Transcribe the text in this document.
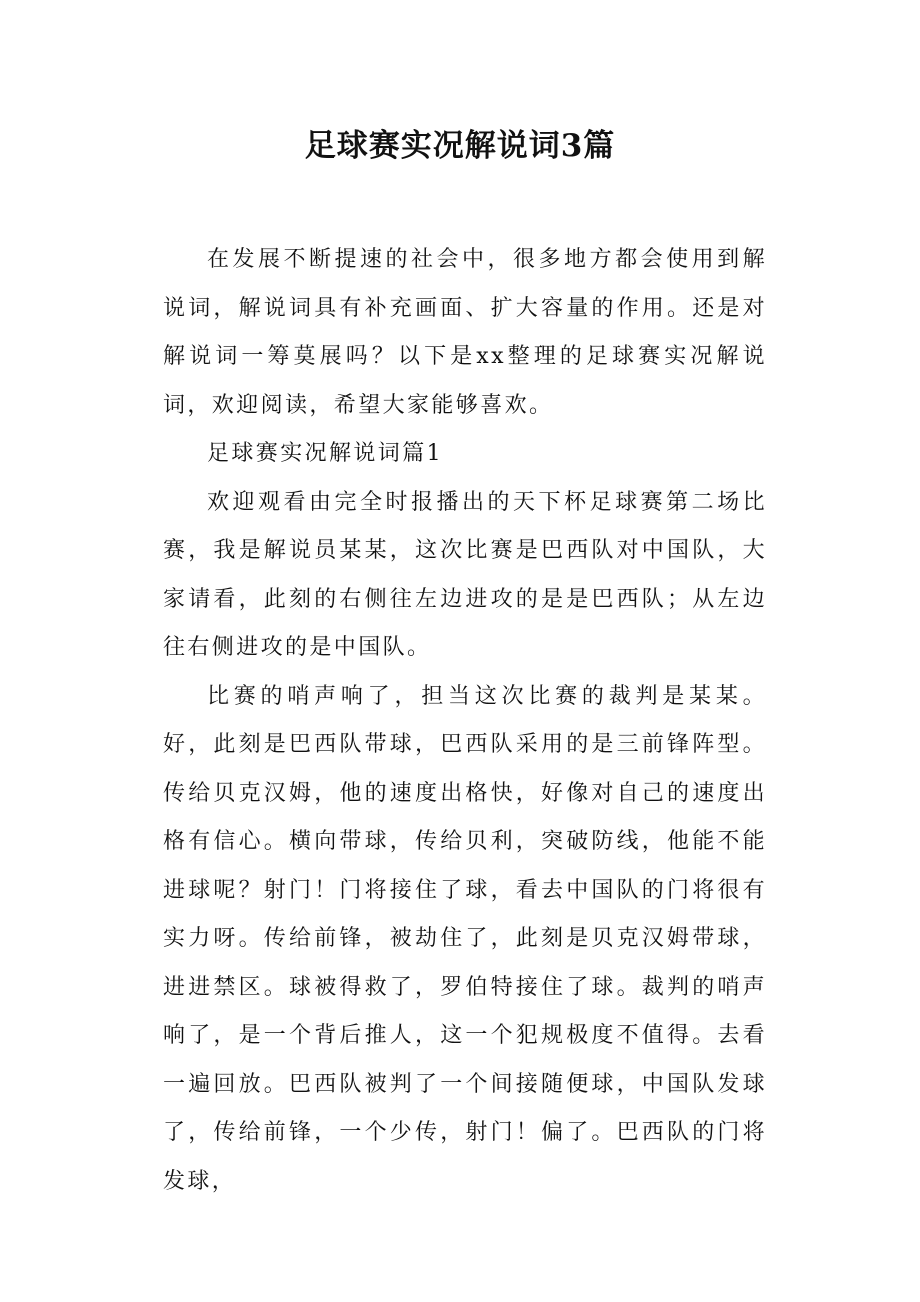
足球赛实况解说词3篇

在发展不断提速的社会中，很多地方都会使用到解说词，解说词具有补充画面、扩大容量的作用。还是对解说词一筹莫展吗？以下是xx整理的足球赛实况解说词，欢迎阅读，希望大家能够喜欢。

足球赛实况解说词篇1

欢迎观看由完全时报播出的天下杯足球赛第二场比赛，我是解说员某某，这次比赛是巴西队对中国队，大家请看，此刻的右侧往左边进攻的是是巴西队；从左边往右侧进攻的是中国队。

比赛的哨声响了，担当这次比赛的裁判是某某。好，此刻是巴西队带球，巴西队采用的是三前锋阵型。传给贝克汉姆，他的速度出格快，好像对自己的速度出格有信心。横向带球，传给贝利，突破防线，他能不能进球呢？射门！门将接住了球，看去中国队的门将很有实力呀。传给前锋，被劫住了，此刻是贝克汉姆带球，进进禁区。球被得救了，罗伯特接住了球。裁判的哨声响了，是一个背后推人，这一个犯规极度不值得。去看一遍回放。巴西队被判了一个间接随便球，中国队发球了，传给前锋，一个少传，射门！偏了。巴西队的门将发球，
